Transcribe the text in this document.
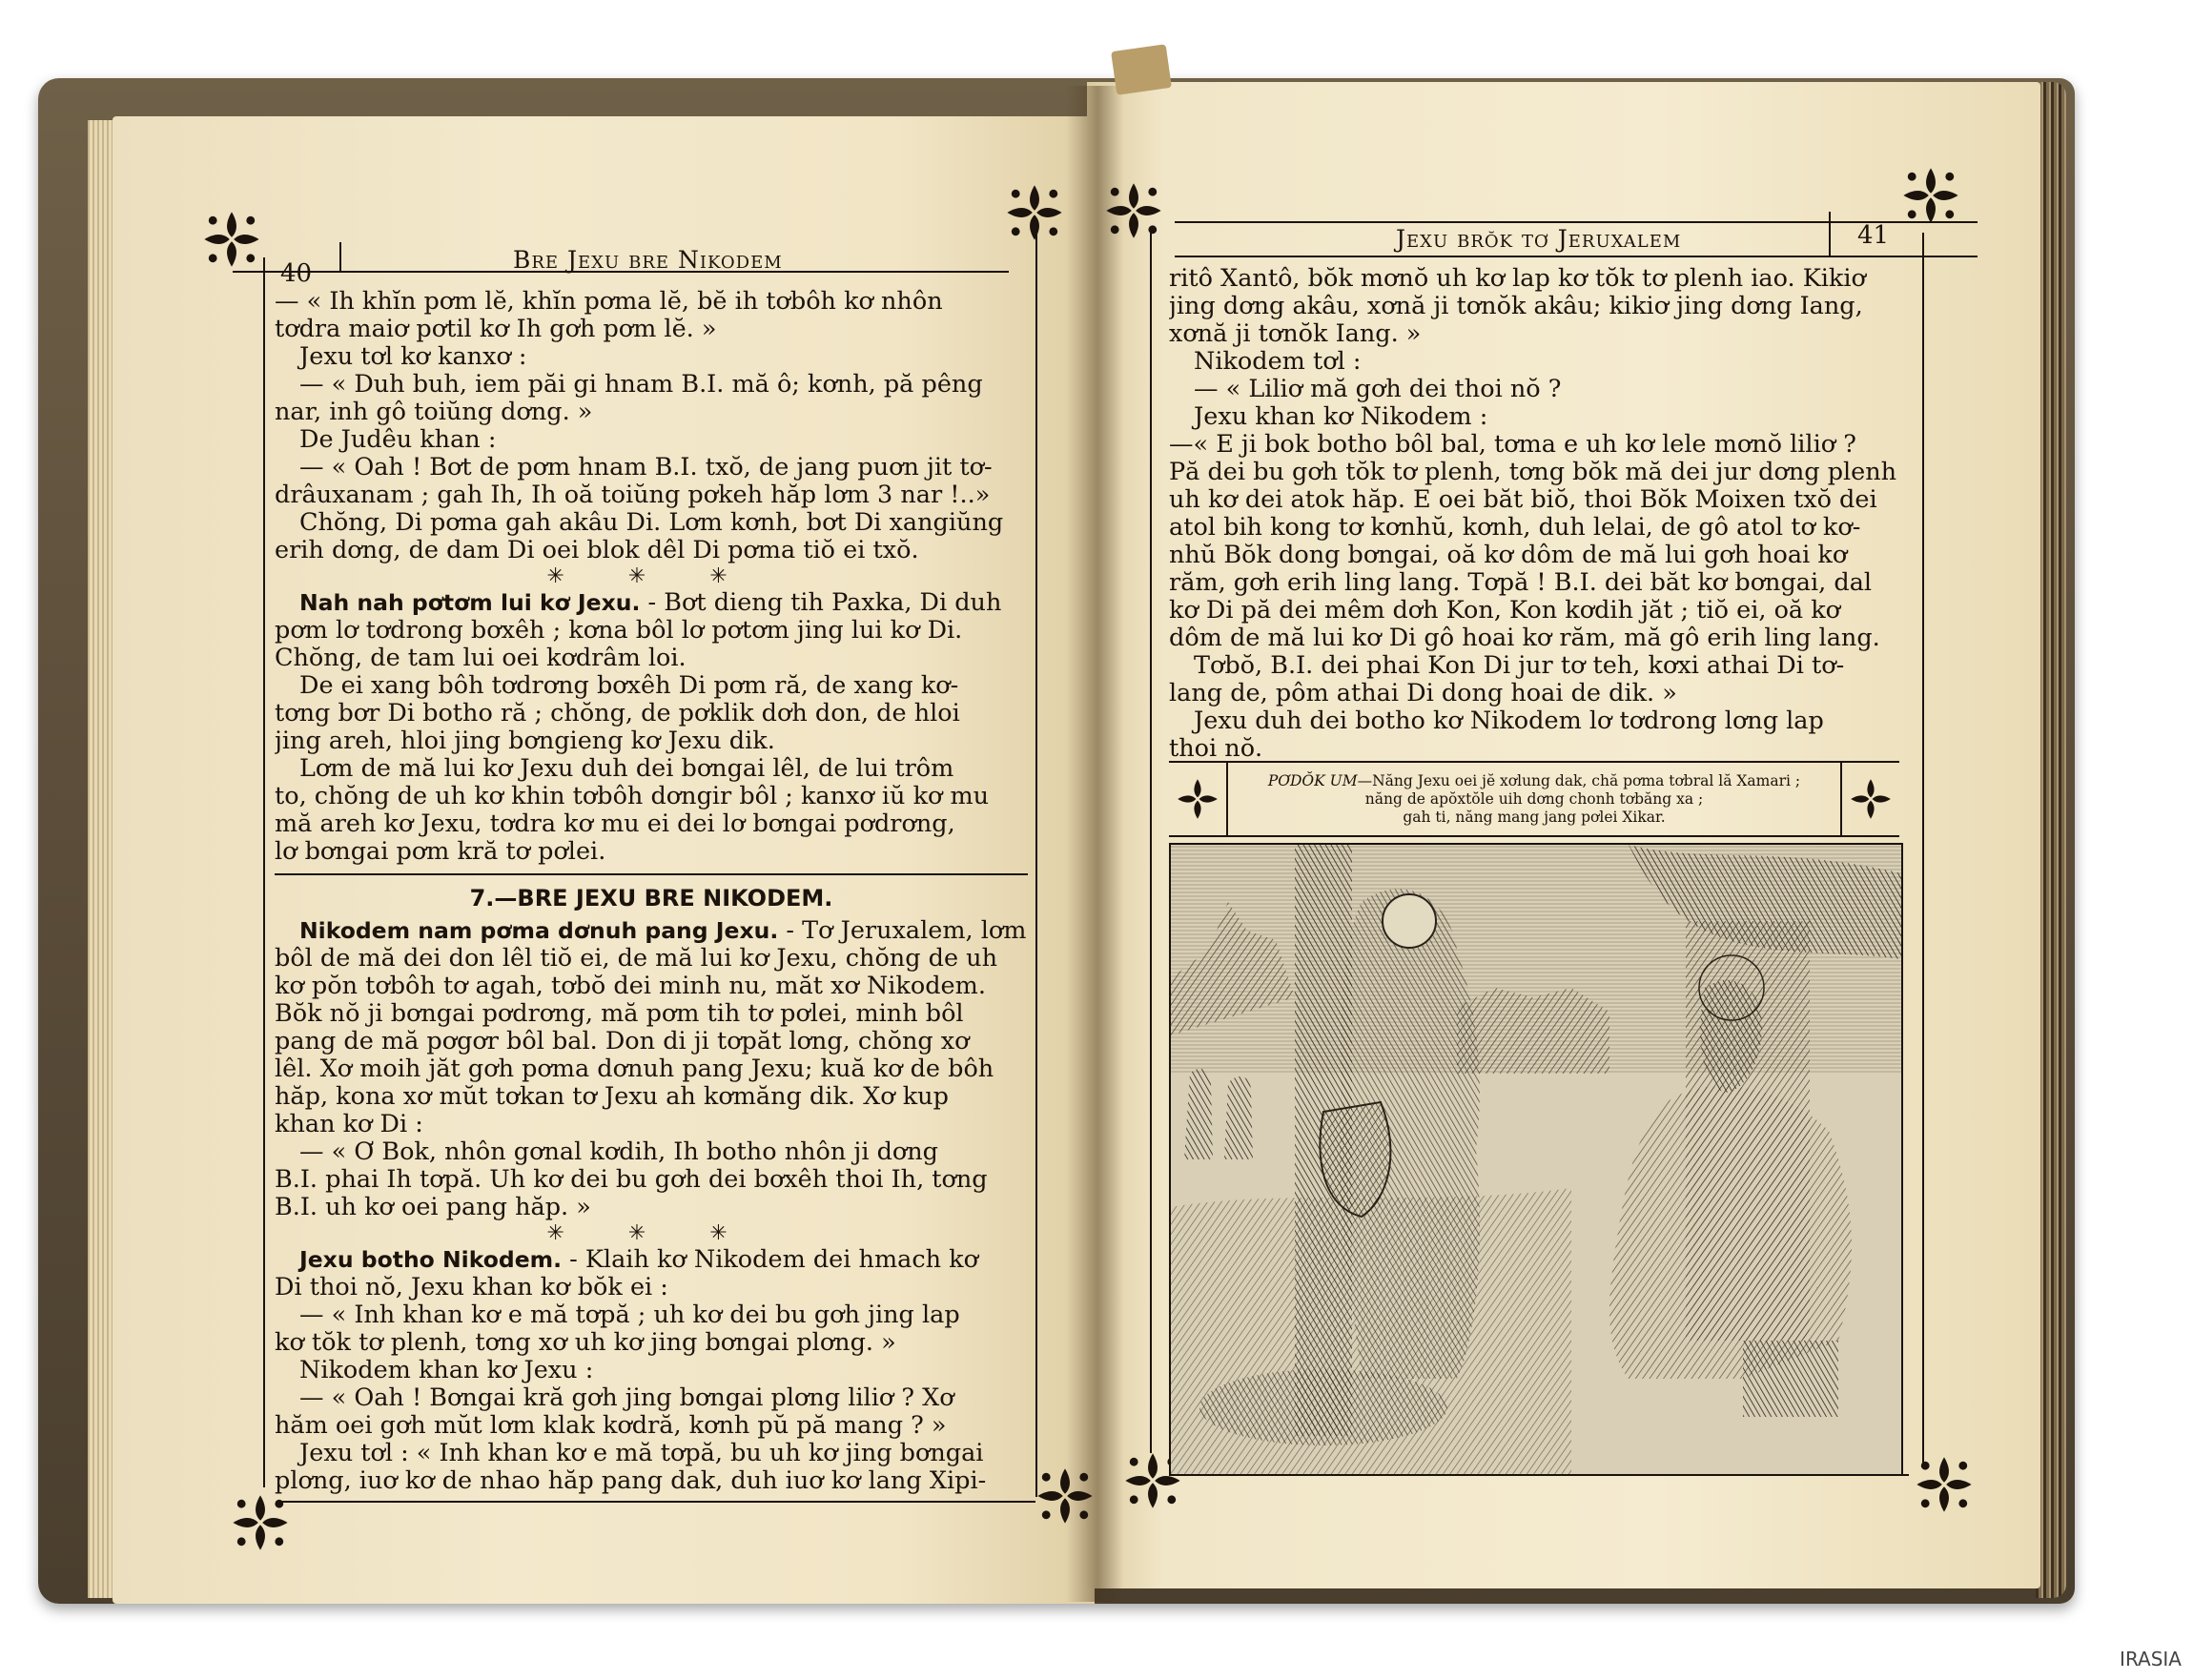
40	Bre Jexu bre Nikodem
— « Ih khĭn pơm lĕ, khĭn pơma lĕ, bĕ ih tơbôh kơ nhôn
tơdra maiơ pơtil kơ Ih gơh pơm lĕ. »
Jexu tơl kơ kanxơ :
— « Duh buh, iem păi gi hnam B.I. mă ô; kơnh, pă pêng
nar, inh gô toiŭng dơng. »
De Judêu khan :
— « Oah ! Bơt de pơm hnam B.I. txŏ, de jang puơn jit tơ-
drâuxanam ; gah Ih, Ih oă toiŭng pơkeh hăp lơm 3 nar !..»
Chŏng, Di pơma gah akâu Di. Lơm kơnh, bơt Di xangiŭng
erih dơng, de dam Di oei blok dêl Di pơma tiŏ ei txŏ.
✳ ✳ ✳
Nah nah pơtơm lui kơ Jexu. - Bơt dieng tih Paxka, Di duh
pơm lơ tơdrong bơxêh ; kơna bôl lơ pơtơm jing lui kơ Di.
Chŏng, de tam lui oei kơdrâm loi.
De ei xang bôh tơdrơng bơxêh Di pơm ră, de xang kơ-
tơng bơr Di botho ră ; chŏng, de pơklik dơh don, de hloi
jing areh, hloi jing bơngieng kơ Jexu dik.
Lơm de mă lui kơ Jexu duh dei bơngai lêl, de lui trôm
to, chŏng de uh kơ khin tơbôh dơngir bôl ; kanxơ iŭ kơ mu
mă areh kơ Jexu, tơdra kơ mu ei dei lơ bơngai pơdrơng,
lơ bơngai pơm kră tơ pơlei.
7.—BRE JEXU BRE NIKODEM.
Nikodem nam pơma dơnuh pang Jexu. - Tơ Jeruxalem, lơm
bôl de mă dei don lêl tiŏ ei, de mă lui kơ Jexu, chŏng de uh
kơ pŏn tơbôh tơ agah, tơbŏ dei minh nu, măt xơ Nikodem.
Bŏk nŏ ji bơngai pơdrơng, mă pơm tih tơ pơlei, minh bôl
pang de mă pơgơr bôl bal. Don di ji tơpăt lơng, chŏng xơ
lêl. Xơ moih jăt gơh pơma dơnuh pang Jexu; kuă kơ de bôh
hăp, kona xơ mŭt tơkan tơ Jexu ah kơmăng dik. Xơ kup
khan kơ Di :
— « Ơ Bok, nhôn gơnal kơdih, Ih botho nhôn ji dơng
B.I. phai Ih tơpă. Uh kơ dei bu gơh dei bơxêh thoi Ih, tơng
B.I. uh kơ oei pang hăp. »
✳ ✳ ✳
Jexu botho Nikodem. - Klaih kơ Nikodem dei hmach kơ
Di thoi nŏ, Jexu khan kơ bŏk ei :
— « Inh khan kơ e mă tơpă ; uh kơ dei bu gơh jing lap
kơ tŏk tơ plenh, tơng xơ uh kơ jing bơngai plơng. »
Nikodem khan kơ Jexu :
— « Oah ! Bơngai kră gơh jing bơngai plơng liliơ ? Xơ
hăm oei gơh mŭt lơm klak kơdră, kơnh pŭ pă mang ? »
Jexu tơl : « Inh khan kơ e mă tơpă, bu uh kơ jing bơngai
plơng, iuơ kơ de nhao hăp pang dak, duh iuơ kơ lang Xipi-
Jexu brŏk tơ Jeruxalem	41
ritô Xantô, bŏk mơnŏ uh kơ lap kơ tŏk tơ plenh iao. Kikiơ
jing dơng akâu, xơnă ji tơnŏk akâu; kikiơ jing dơng Iang,
xơnă ji tơnŏk Iang. »
Nikodem tơl :
— « Liliơ mă gơh dei thoi nŏ ?
Jexu khan kơ Nikodem :
—« E ji bok botho bôl bal, tơma e uh kơ lele mơnŏ liliơ ?
Pă dei bu gơh tŏk tơ plenh, tơng bŏk mă dei jur dơng plenh
uh kơ dei atok hăp. E oei băt biŏ, thoi Bŏk Moixen txŏ dei
atol bih kong tơ kơnhŭ, kơnh, duh lelai, de gô atol tơ kơ-
nhŭ Bŏk dong bơngai, oă kơ dôm de mă lui gơh hoai kơ
răm, gơh erih ling lang. Tơpă ! B.I. dei băt kơ bơngai, dal
kơ Di pă dei mêm dơh Kon, Kon kơdih jăt ; tiŏ ei, oă kơ
dôm de mă lui kơ Di gô hoai kơ răm, mă gô erih ling lang.
Tơbŏ, B.I. dei phai Kon Di jur tơ teh, kơxi athai Di tơ-
lang de, pôm athai Di dong hoai de dik. »
Jexu duh dei botho kơ Nikodem lơ tơdrong lơng lap
thoi nŏ.
PƠDŎK UM—Năng Jexu oei jĕ xơlung dak, chă pơma tơbral lă Xamari ;
năng de apŏxtŏle uih dơng chonh tơbăng xa ;
gah ti, năng mang jang pơlei Xikar.
IRASIA
